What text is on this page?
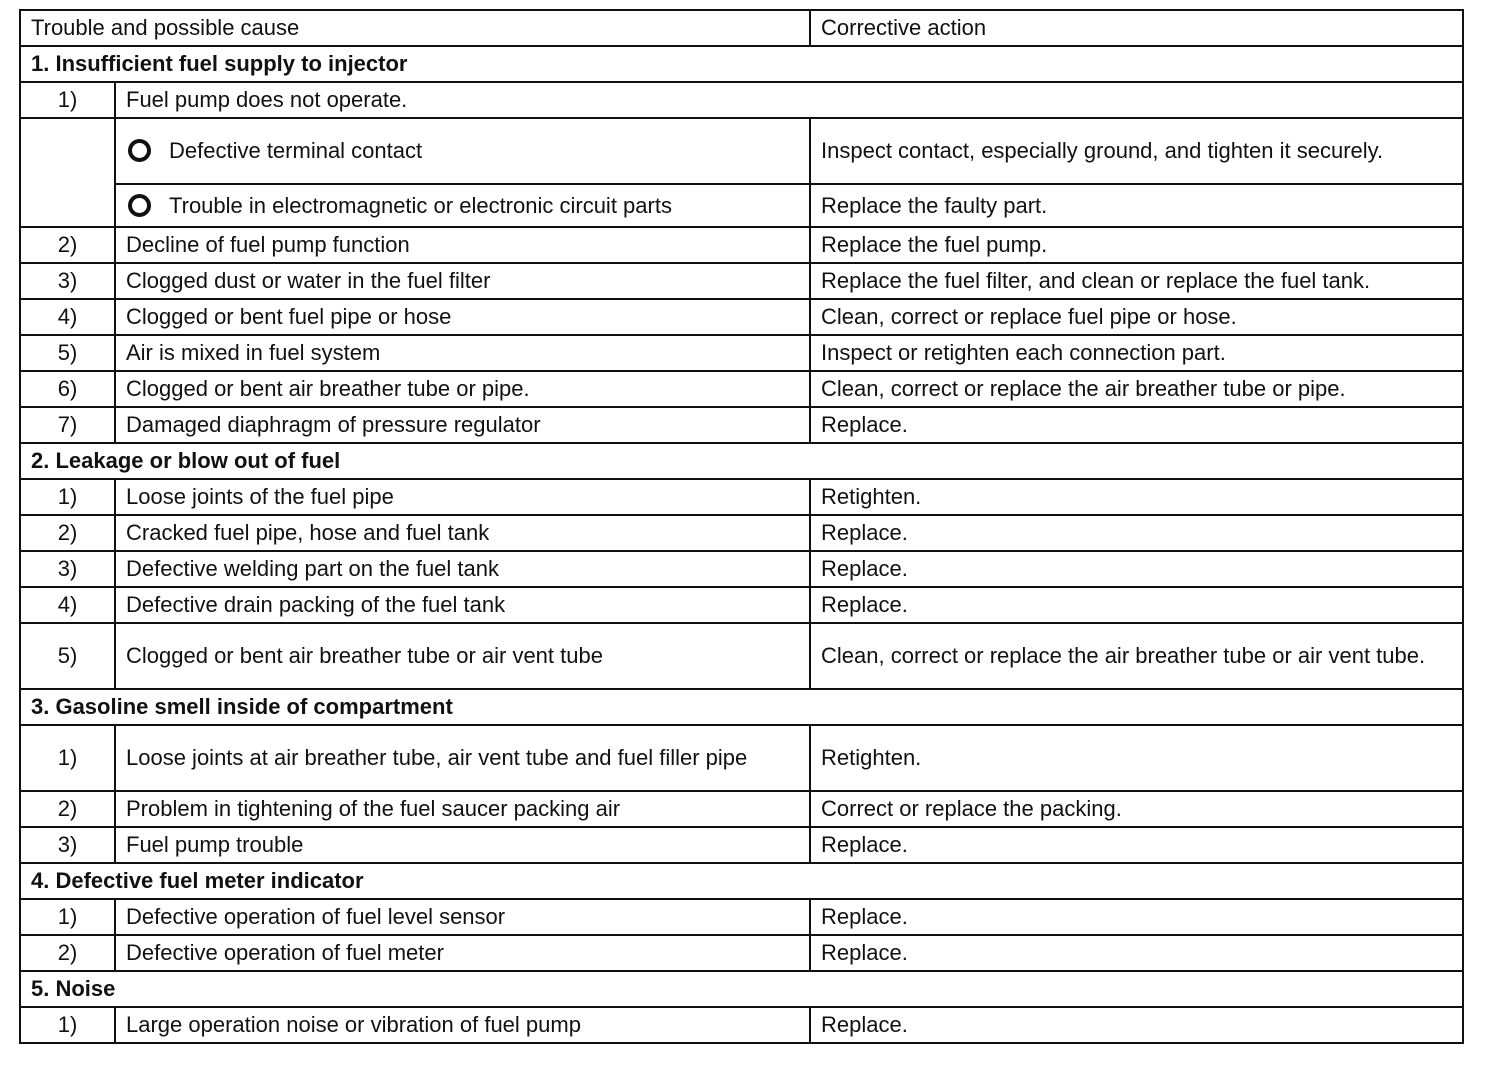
Trouble and possible cause		Corrective action
1. Insufficient fuel supply to injector		
1)	Fuel pump does not operate.	
	Defective terminal contact	Inspect contact, especially ground, and tighten it securely.
	Trouble in electromagnetic or electronic circuit parts	Replace the faulty part.
2)	Decline of fuel pump function	Replace the fuel pump.
3)	Clogged dust or water in the fuel filter	Replace the fuel filter, and clean or replace the fuel tank.
4)	Clogged or bent fuel pipe or hose	Clean, correct or replace fuel pipe or hose.
5)	Air is mixed in fuel system	Inspect or retighten each connection part.
6)	Clogged or bent air breather tube or pipe.	Clean, correct or replace the air breather tube or pipe.
7)	Damaged diaphragm of pressure regulator	Replace.
2. Leakage or blow out of fuel		
1)	Loose joints of the fuel pipe	Retighten.
2)	Cracked fuel pipe, hose and fuel tank	Replace.
3)	Defective welding part on the fuel tank	Replace.
4)	Defective drain packing of the fuel tank	Replace.
5)	Clogged or bent air breather tube or air vent tube	Clean, correct or replace the air breather tube or air vent tube.
3. Gasoline smell inside of compartment		
1)	Loose joints at air breather tube, air vent tube and fuel filler pipe	Retighten.
2)	Problem in tightening of the fuel saucer packing air	Correct or replace the packing.
3)	Fuel pump trouble	Replace.
4. Defective fuel meter indicator		
1)	Defective operation of fuel level sensor	Replace.
2)	Defective operation of fuel meter	Replace.
5. Noise		
1)	Large operation noise or vibration of fuel pump	Replace.
